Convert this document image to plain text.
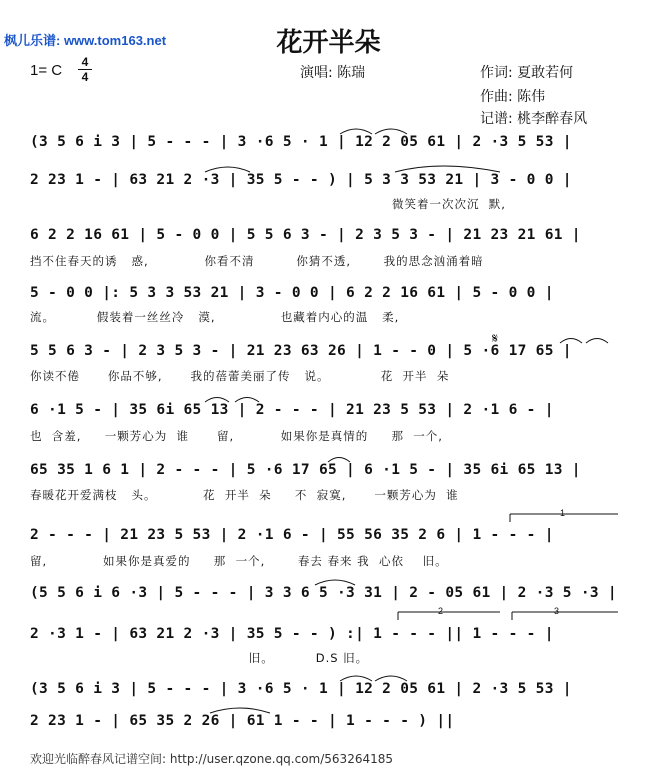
枫儿乐谱: www.tom163.net	花开半朵
演唱: 陈瑞	作词: 夏敢若何
作曲: 陈伟
记谱: 桃李醉春风
1= C	4
4
(3 5 6 i 3 | 5 - - - | 3 ·6 5 · 1 | 12 2 05 61 | 2 ·3 5 53 |
2 23 1 - | 63 21 2 ·3 | 35 5 - - ) | 5 3 3 53 21 | 3 - 0 0 |
微笑着一次次沉  默,
6 2 2 16 61 | 5 - 0 0 | 5 5 6 3 - | 2 3 5 3 - | 21 23 21 61 |
挡不住春天的诱   惑,            你看不清         你猜不透,       我的思念汹涌着暗
5 - 0 0 |: 5 3 3 53 21 | 3 - 0 0 | 6 2 2 16 61 | 5 - 0 0 |
流。         假装着一丝丝冷   漠,              也藏着内心的温   柔,
5 5 6 3 - | 2 3 5 3 - | 21 23 63 26 | 1 - - 0 | 5 ·6 17 65 |
你读不倦      你品不够,      我的蓓蕾美丽了传   说。           花  开半  朵
𝄋
6 ·1 5 - | 35 6i 65 13 | 2 - - - | 21 23 5 53 | 2 ·1 6 - |
也  含羞,     一颗芳心为  谁      留,          如果你是真情的     那  一个,
65 35 1 6 1 | 2 - - - | 5 ·6 17 65 | 6 ·1 5 - | 35 6i 65 13 |
春暖花开爱满枝   头。          花  开半  朵     不  寂寞,      一颗芳心为  谁
2 - - - | 21 23 5 53 | 2 ·1 6 - | 55 56 35 2 6 | 1 - - - |
留,            如果你是真爱的     那  一个,       春去 春来 我  心依    旧。
1
(5 5 6 i 6 ·3 | 5 - - - | 3 3 6 5 ·3 31 | 2 - 05 61 | 2 ·3 5 ·3 |
2 ·3 1 - | 63 21 2 ·3 | 35 5 - - ) :| 1 - - - || 1 - - - |
旧。         D.S 旧。
2	3
(3 5 6 i 3 | 5 - - - | 3 ·6 5 · 1 | 12 2 05 61 | 2 ·3 5 53 |
2 23 1 - | 65 35 2 26 | 61 1 - - | 1 - - - ) ||
欢迎光临醉春风记谱空间: http://user.qzone.qq.com/563264185
